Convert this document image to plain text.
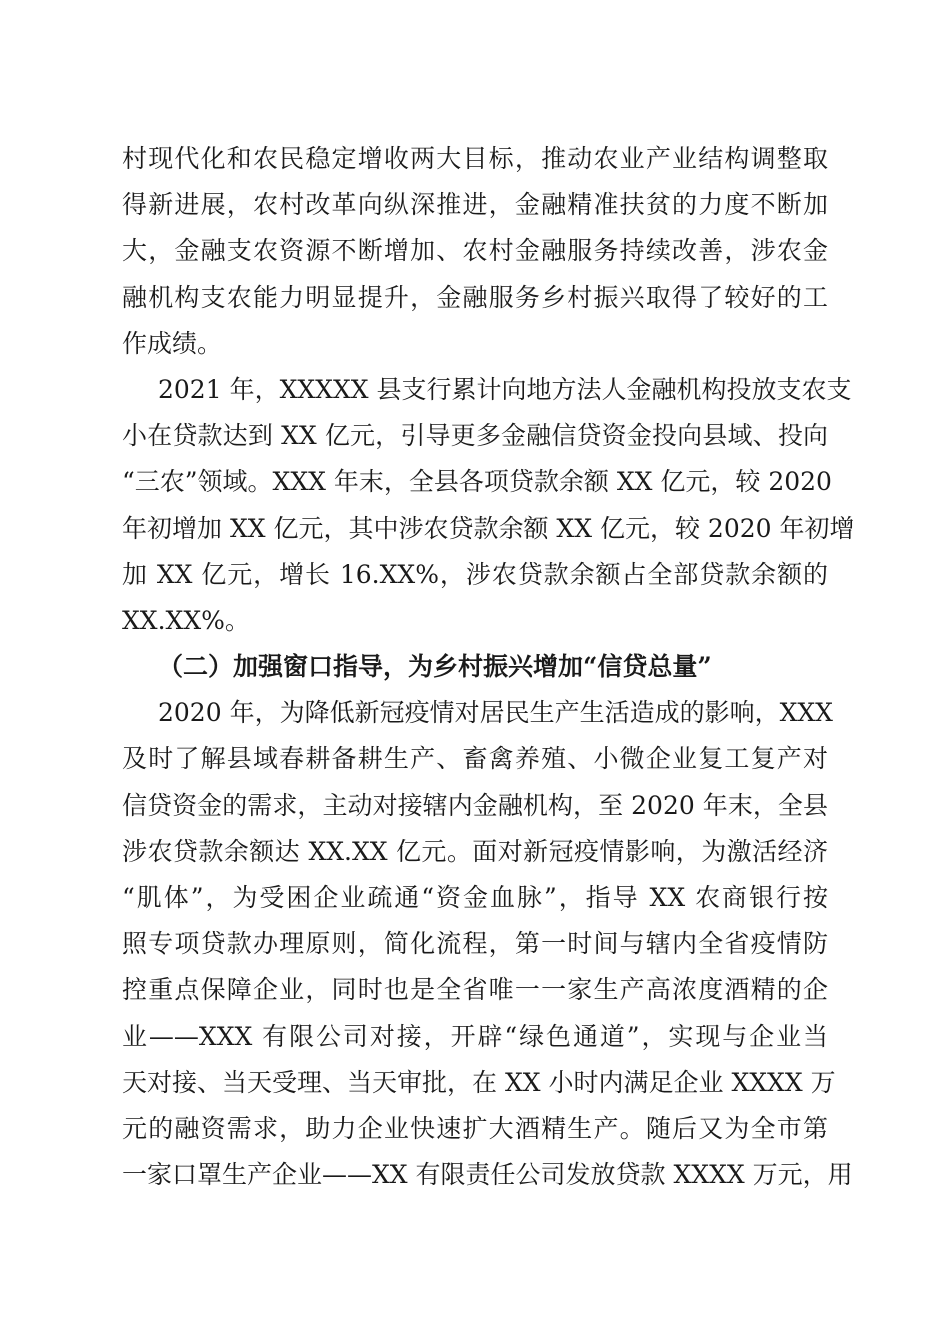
村现代化和农民稳定增收两大目标，推动农业产业结构调整取
得新进展，农村改革向纵深推进，金融精准扶贫的力度不断加
大，金融支农资源不断增加、农村金融服务持续改善，涉农金
融机构支农能力明显提升，金融服务乡村振兴取得了较好的工
作成绩。
2021 年，XXXXX 县支行累计向地方法人金融机构投放支农支
小在贷款达到 XX 亿元，引导更多金融信贷资金投向县域、投向
“三农”领域。XXX 年末，全县各项贷款余额 XX 亿元，较 2020
年初增加 XX 亿元，其中涉农贷款余额 XX 亿元，较 2020 年初增
加 XX 亿元，增长 16.XX%，涉农贷款余额占全部贷款余额的
XX.XX%。
（二）加强窗口指导，为乡村振兴增加“信贷总量”
2020 年，为降低新冠疫情对居民生产生活造成的影响，XXX
及时了解县域春耕备耕生产、畜禽养殖、小微企业复工复产对
信贷资金的需求，主动对接辖内金融机构，至 2020 年末，全县
涉农贷款余额达 XX.XX 亿元。面对新冠疫情影响，为激活经济
“肌体”，为受困企业疏通“资金血脉”，指导 XX 农商银行按
照专项贷款办理原则，简化流程，第一时间与辖内全省疫情防
控重点保障企业，同时也是全省唯一一家生产高浓度酒精的企
业——XXX 有限公司对接，开辟“绿色通道”，实现与企业当
天对接、当天受理、当天审批，在 XX 小时内满足企业 XXXX 万
元的融资需求，助力企业快速扩大酒精生产。随后又为全市第
一家口罩生产企业——XX 有限责任公司发放贷款 XXXX 万元，用
